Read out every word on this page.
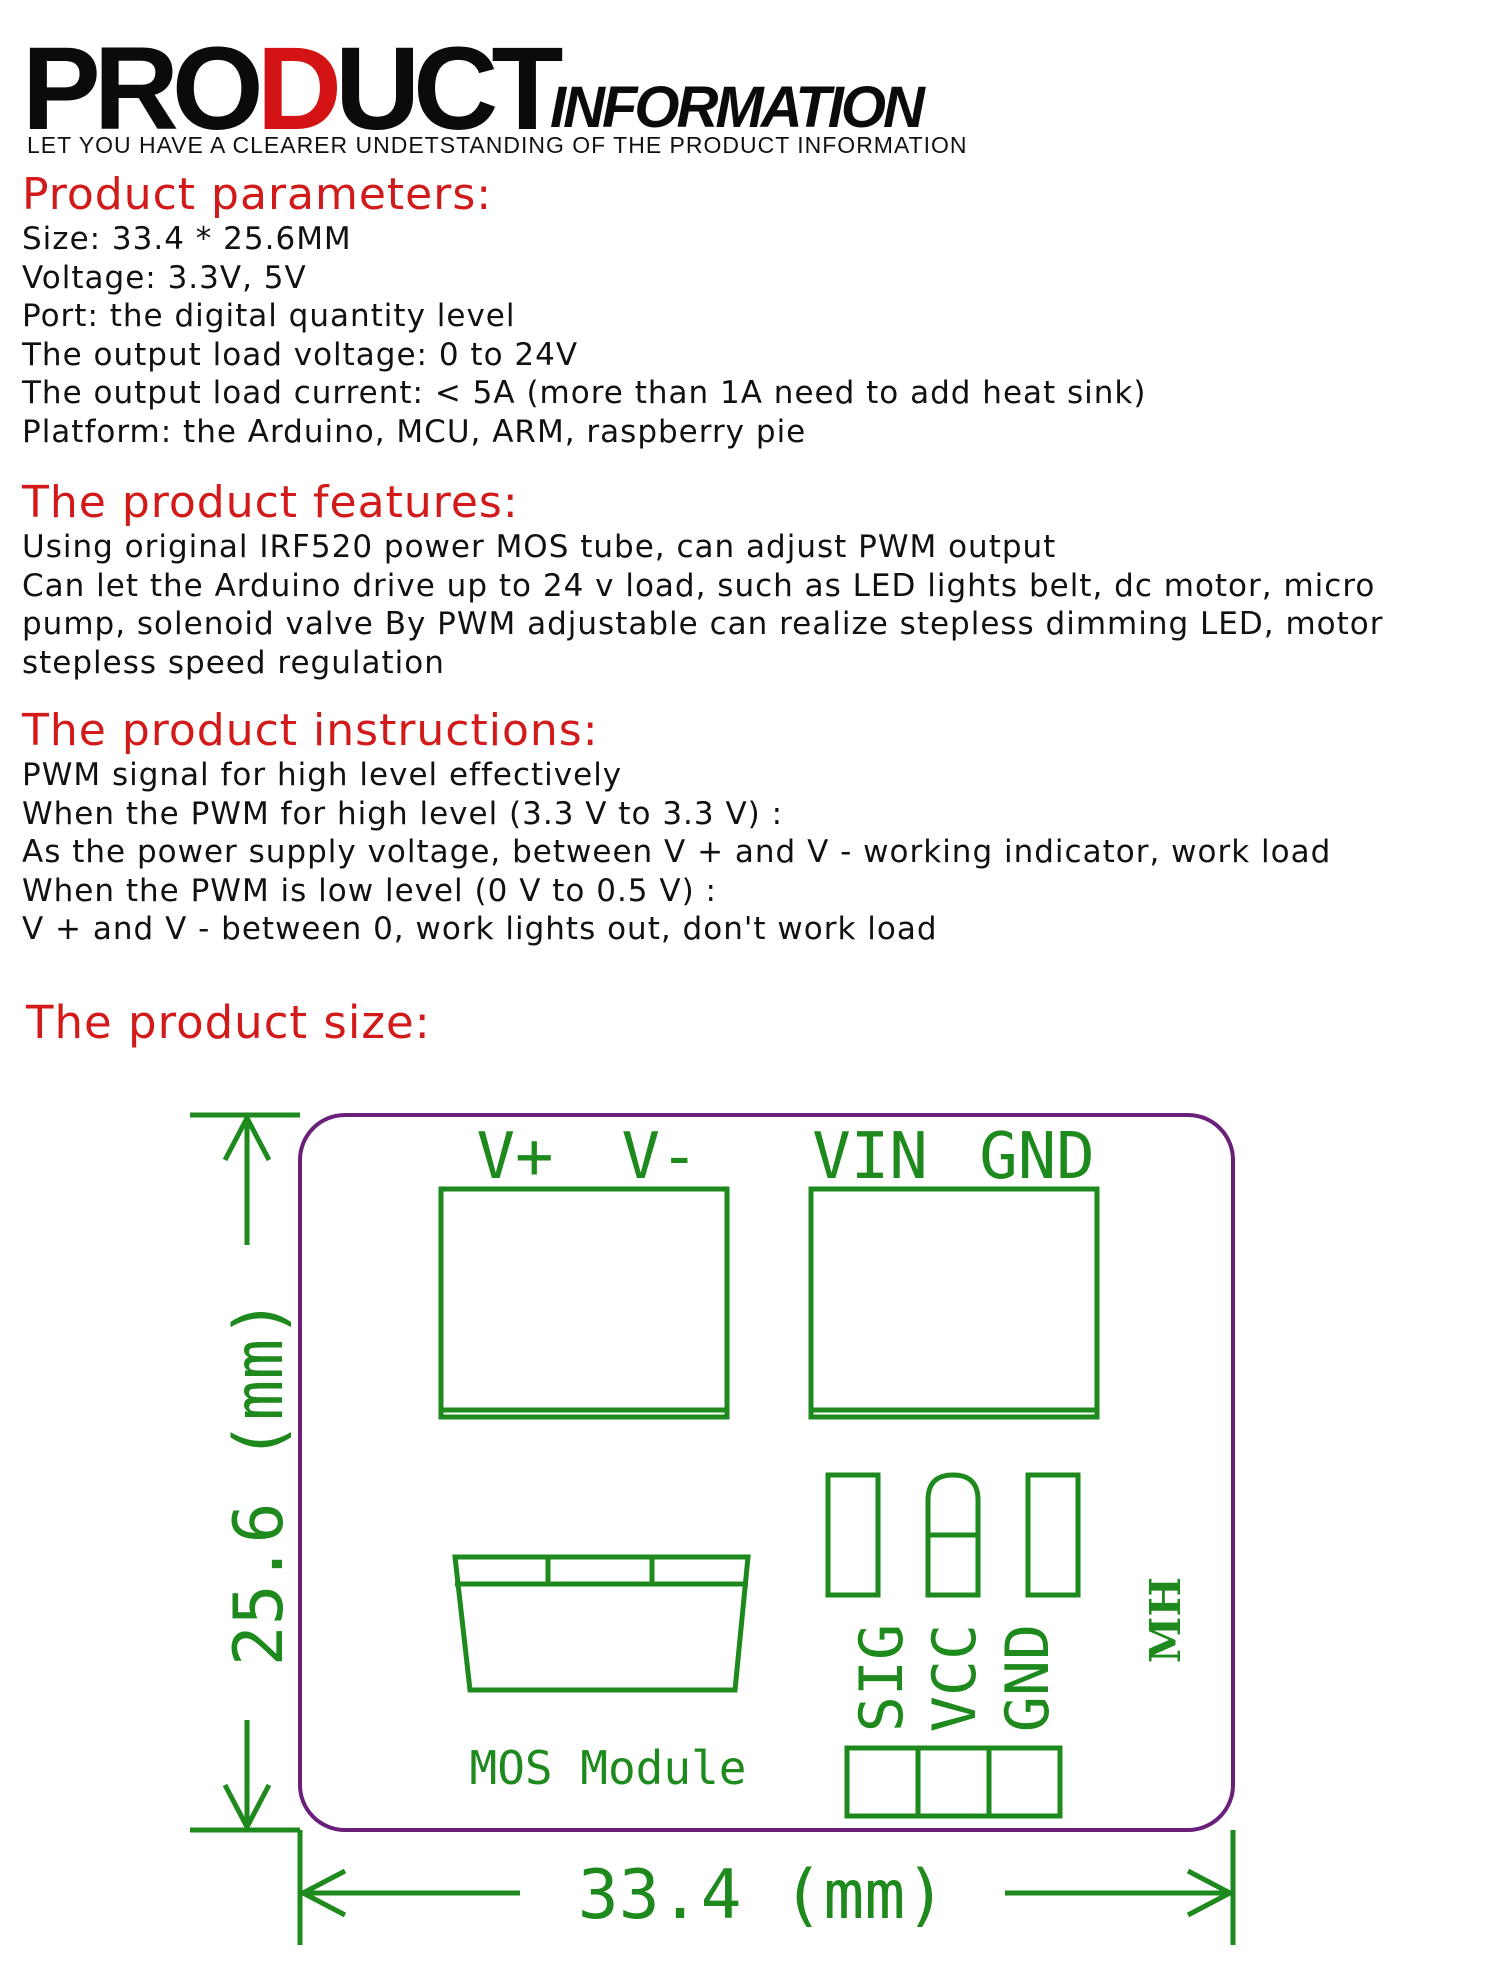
PRODUCT
INFORMATION
LET YOU HAVE A CLEARER UNDETSTANDING OF THE PRODUCT INFORMATION
Product parameters:
Size: 33.4 * 25.6MM
Voltage: 3.3V, 5V
Port: the digital quantity level
The output load voltage: 0 to 24V
The output load current: < 5A (more than 1A need to add heat sink)
Platform: the Arduino, MCU, ARM, raspberry pie
The product features:

Using original IRF520 power MOS tube, can adjust PWM output

Can let the Arduino drive up to 24 v load, such as LED lights belt, dc motor, micro pump, solenoid valve By PWM adjustable can realize stepless dimming LED, motor stepless speed regulation

The product instructions:
PWM signal for high level effectively
When the PWM for high level (3.3 V to 3.3 V) :
As the power supply voltage, between V + and V - working indicator, work load
When the PWM is low level (0 V to 0.5 V) :
V + and V - between 0, work lights out, don't work load
The product size:
25.6 (mm)
33.4 (mm)
V+ V- VIN GND
SIG VCC GND
MOS Module
MH
